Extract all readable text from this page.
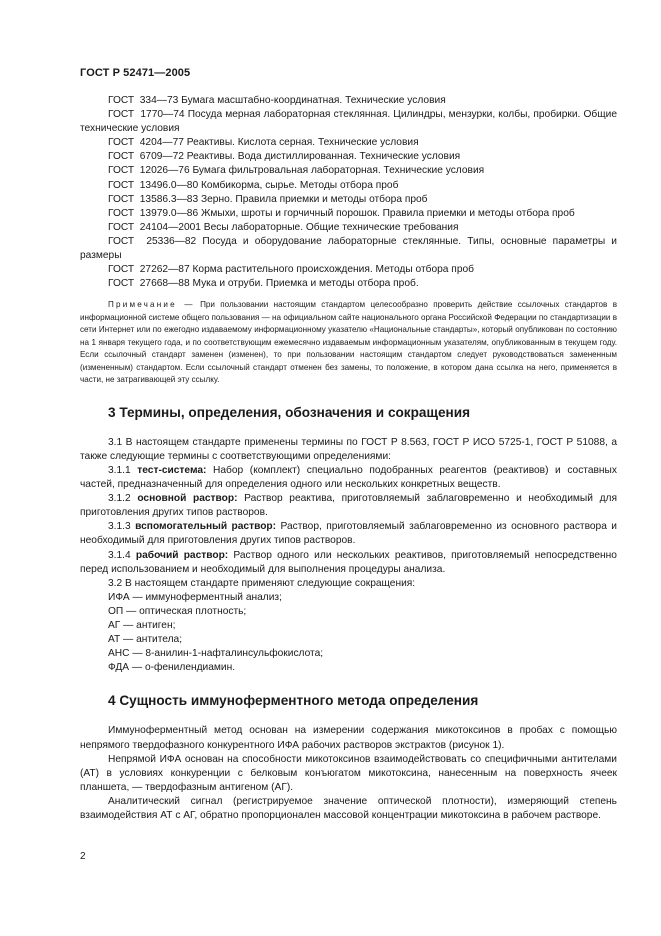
ГОСТ Р 52471—2005
ГОСТ  334—73 Бумага масштабно-координатная. Технические условия
ГОСТ  1770—74 Посуда мерная лабораторная стеклянная. Цилиндры, мензурки, колбы, пробирки. Общие технические условия
ГОСТ  4204—77 Реактивы. Кислота серная. Технические условия
ГОСТ  6709—72 Реактивы. Вода дистиллированная. Технические условия
ГОСТ  12026—76 Бумага фильтровальная лабораторная. Технические условия
ГОСТ  13496.0—80 Комбикорма, сырье. Методы отбора проб
ГОСТ  13586.3—83 Зерно. Правила приемки и методы отбора проб
ГОСТ  13979.0—86 Жмыхи, шроты и горчичный порошок. Правила приемки и методы отбора проб
ГОСТ  24104—2001 Весы лабораторные. Общие технические требования
ГОСТ  25336—82 Посуда и оборудование лабораторные стеклянные. Типы, основные параметры и размеры
ГОСТ  27262—87 Корма растительного происхождения. Методы отбора проб
ГОСТ  27668—88 Мука и отруби. Приемка и методы отбора проб.
Примечание — При пользовании настоящим стандартом целесообразно проверить действие ссылочных стандартов в информационной системе общего пользования — на официальном сайте национального органа Российской Федерации по стандартизации в сети Интернет или по ежегодно издаваемому информационному указателю «Национальные стандарты», который опубликован по состоянию на 1 января текущего года, и по соответствующим ежемесячно издаваемым информационным указателям, опубликованным в текущем году. Если ссылочный стандарт заменен (изменен), то при пользовании настоящим стандартом следует руководствоваться замененным (измененным) стандартом. Если ссылочный стандарт отменен без замены, то положение, в котором дана ссылка на него, применяется в части, не затрагивающей эту ссылку.
3 Термины, определения, обозначения и сокращения
3.1 В настоящем стандарте применены термины по ГОСТ Р 8.563, ГОСТ Р ИСО 5725-1, ГОСТ Р 51088, а также следующие термины с соответствующими определениями:
3.1.1 тест-система: Набор (комплект) специально подобранных реагентов (реактивов) и составных частей, предназначенный для определения одного или нескольких конкретных веществ.
3.1.2 основной раствор: Раствор реактива, приготовляемый заблаговременно и необходимый для приготовления других типов растворов.
3.1.3 вспомогательный раствор: Раствор, приготовляемый заблаговременно из основного раствора и необходимый для приготовления других типов растворов.
3.1.4 рабочий раствор: Раствор одного или нескольких реактивов, приготовляемый непосредственно перед использованием и необходимый для выполнения процедуры анализа.
3.2 В настоящем стандарте применяют следующие сокращения:
ИФА — иммуноферментный анализ;
ОП — оптическая плотность;
АГ — антиген;
АТ — антитела;
АНС — 8-анилин-1-нафталинсульфокислота;
ФДА — о-фенилендиамин.
4 Сущность иммуноферментного метода определения
Иммуноферментный метод основан на измерении содержания микотоксинов в пробах с помощью непрямого твердофазного конкурентного ИФА рабочих растворов экстрактов (рисунок 1).
Непрямой ИФА основан на способности микотоксинов взаимодействовать со специфичными антителами (АТ) в условиях конкуренции с белковым конъюгатом микотоксина, нанесенным на поверхность ячеек планшета, — твердофазным антигеном (АГ).
Аналитический сигнал (регистрируемое значение оптической плотности), измеряющий степень взаимодействия АТ с АГ, обратно пропорционален массовой концентрации микотоксина в рабочем растворе.
2
